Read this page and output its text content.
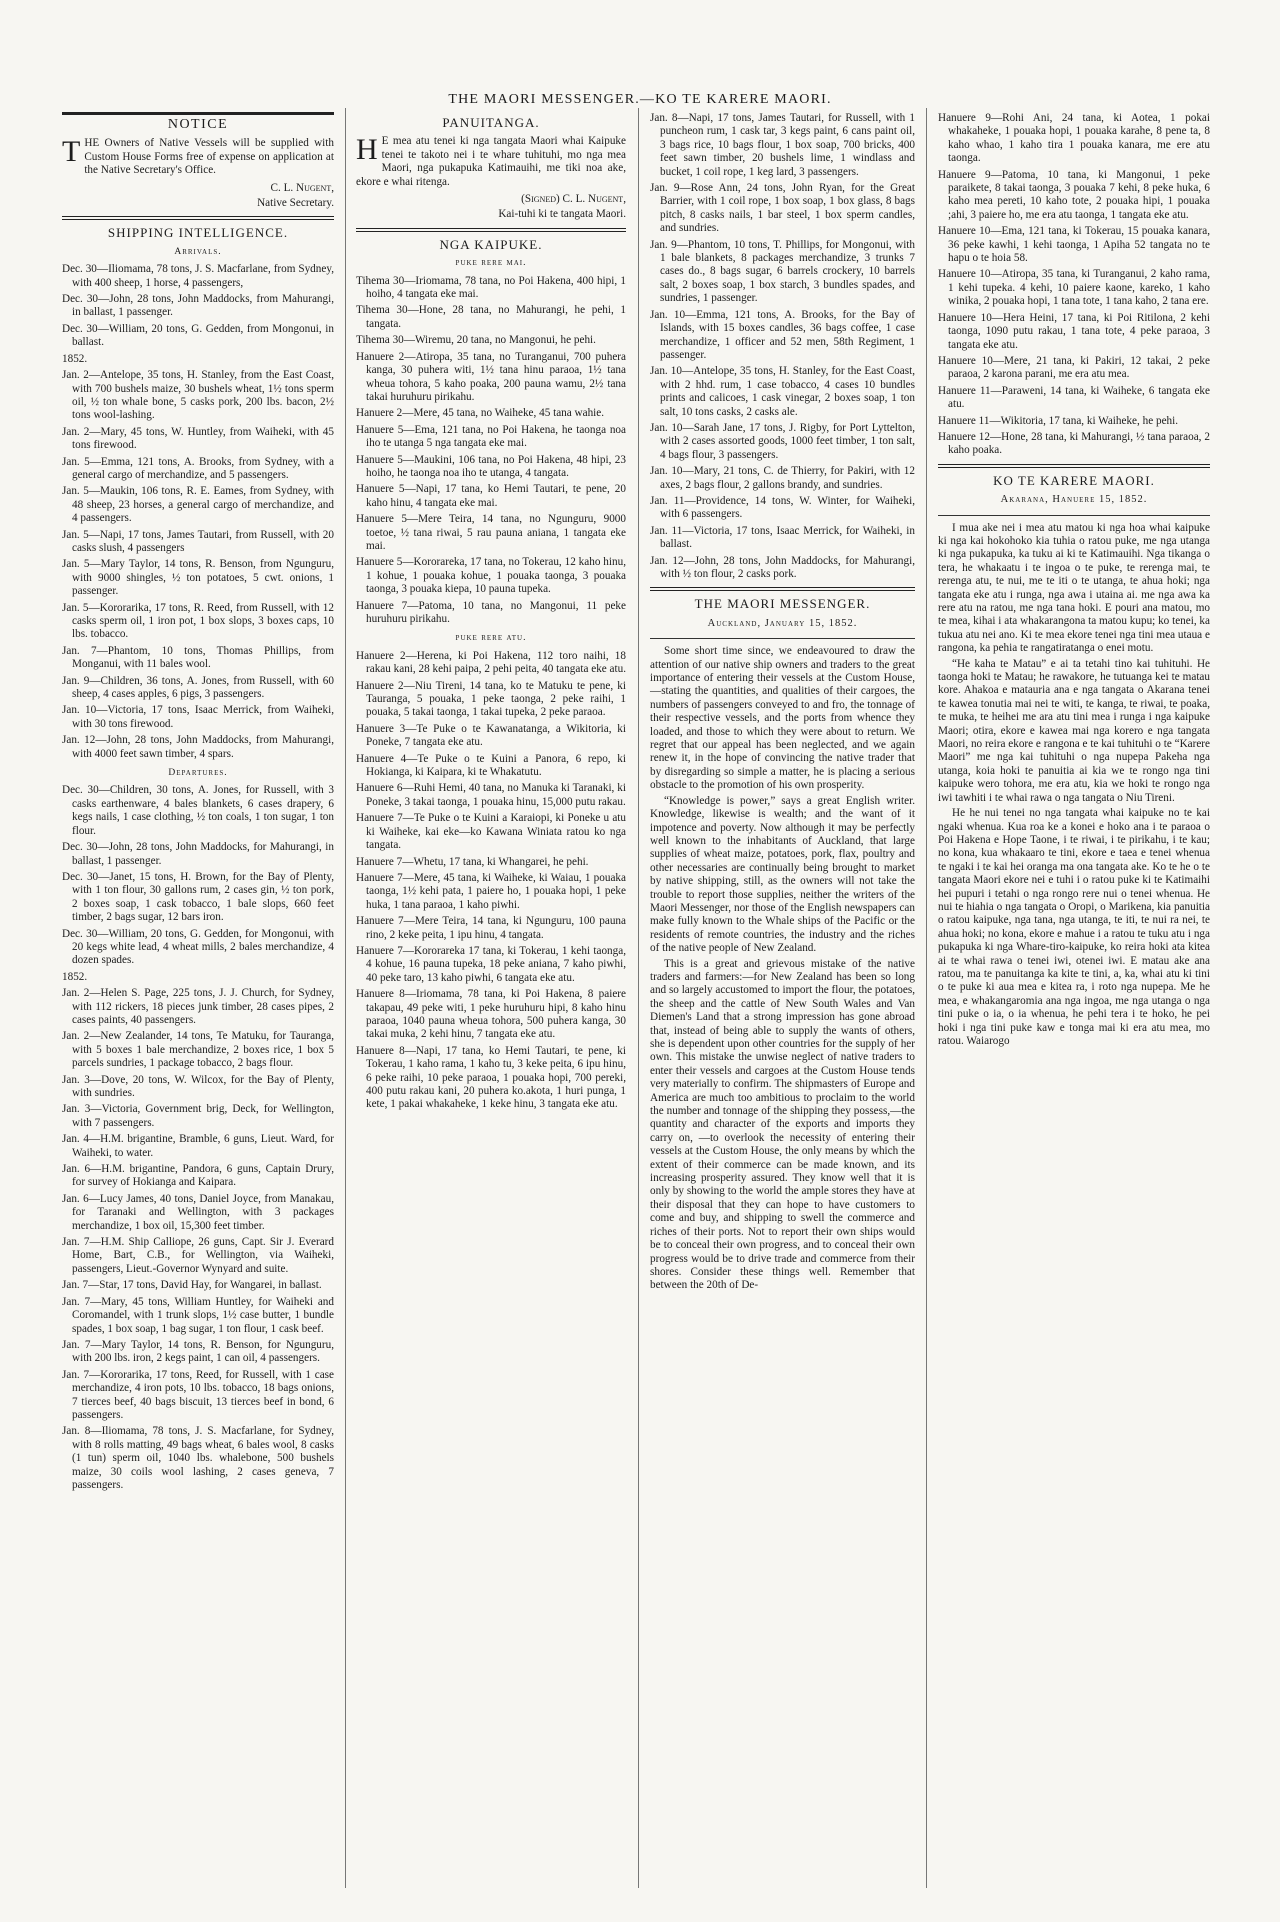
THE MAORI MESSENGER.—KO TE KARERE MAORI.
NOTICE
THE Owners of Native Vessels will be supplied with Custom House Forms free of expense on application at the Native Secretary's Office.
C. L. Nugent,
Native Secretary.
SHIPPING INTELLIGENCE.
Arrivals.
Dec. 30—Iliomama, 78 tons, J. S. Macfarlane, from Sydney, with 400 sheep, 1 horse, 4 passengers,
Dec. 30—John, 28 tons, John Maddocks, from Mahurangi, in ballast, 1 passenger.
Dec. 30—William, 20 tons, G. Gedden, from Mongonui, in ballast.
1852.
Jan. 2—Antelope, 35 tons, H. Stanley, from the East Coast, with 700 bushels maize, 30 bushels wheat, 1½ tons sperm oil, ½ ton whale bone, 5 casks pork, 200 lbs. bacon, 2½ tons wool-lashing.
Jan. 2—Mary, 45 tons, W. Huntley, from Waiheki, with 45 tons firewood.
Jan. 5—Emma, 121 tons, A. Brooks, from Sydney, with a general cargo of merchandize, and 5 passengers.
Jan. 5—Maukin, 106 tons, R. E. Eames, from Sydney, with 48 sheep, 23 horses, a general cargo of merchandize, and 4 passengers.
Jan. 5—Napi, 17 tons, James Tautari, from Russell, with 20 casks slush, 4 passengers
Jan. 5—Mary Taylor, 14 tons, R. Benson, from Ngunguru, with 9000 shingles, ½ ton potatoes, 5 cwt. onions, 1 passenger.
Jan. 5—Kororarika, 17 tons, R. Reed, from Russell, with 12 casks sperm oil, 1 iron pot, 1 box slops, 3 boxes caps, 10 lbs. tobacco.
Jan. 7—Phantom, 10 tons, Thomas Phillips, from Monganui, with 11 bales wool.
Jan. 9—Children, 36 tons, A. Jones, from Russell, with 60 sheep, 4 cases apples, 6 pigs, 3 passengers.
Jan. 10—Victoria, 17 tons, Isaac Merrick, from Waiheki, with 30 tons firewood.
Jan. 12—John, 28 tons, John Maddocks, from Mahurangi, with 4000 feet sawn timber, 4 spars.
Departures.
Dec. 30—Children, 30 tons, A. Jones, for Russell, with 3 casks earthenware, 4 bales blankets, 6 cases drapery, 6 kegs nails, 1 case clothing, ½ ton coals, 1 ton sugar, 1 ton flour.
Dec. 30—John, 28 tons, John Maddocks, for Mahurangi, in ballast, 1 passenger.
Dec. 30—Janet, 15 tons, H. Brown, for the Bay of Plenty, with 1 ton flour, 30 gallons rum, 2 cases gin, ½ ton pork, 2 boxes soap, 1 cask tobacco, 1 bale slops, 660 feet timber, 2 bags sugar, 12 bars iron.
Dec. 30—William, 20 tons, G. Gedden, for Mongonui, with 20 kegs white lead, 4 wheat mills, 2 bales merchandize, 4 dozen spades.
1852.
Jan. 2—Helen S. Page, 225 tons, J. J. Church, for Sydney, with 112 rickers, 18 pieces junk timber, 28 cases pipes, 2 cases paints, 40 passengers.
Jan. 2—New Zealander, 14 tons, Te Matuku, for Tauranga, with 5 boxes 1 bale merchandize, 2 boxes rice, 1 box 5 parcels sundries, 1 package tobacco, 2 bags flour.
Jan. 3—Dove, 20 tons, W. Wilcox, for the Bay of Plenty, with sundries.
Jan. 3—Victoria, Government brig, Deck, for Wellington, with 7 passengers.
Jan. 4—H.M. brigantine, Bramble, 6 guns, Lieut. Ward, for Waiheki, to water.
Jan. 6—H.M. brigantine, Pandora, 6 guns, Captain Drury, for survey of Hokianga and Kaipara.
Jan. 6—Lucy James, 40 tons, Daniel Joyce, from Manakau, for Taranaki and Wellington, with 3 packages merchandize, 1 box oil, 15,300 feet timber.
Jan. 7—H.M. Ship Calliope, 26 guns, Capt. Sir J. Everard Home, Bart, C.B., for Wellington, via Waiheki, passengers, Lieut.-Governor Wynyard and suite.
Jan. 7—Star, 17 tons, David Hay, for Wangarei, in ballast.
Jan. 7—Mary, 45 tons, William Huntley, for Waiheki and Coromandel, with 1 trunk slops, 1½ case butter, 1 bundle spades, 1 box soap, 1 bag sugar, 1 ton flour, 1 cask beef.
Jan. 7—Mary Taylor, 14 tons, R. Benson, for Ngunguru, with 200 lbs. iron, 2 kegs paint, 1 can oil, 4 passengers.
Jan. 7—Kororarika, 17 tons, Reed, for Russell, with 1 case merchandize, 4 iron pots, 10 lbs. tobacco, 18 bags onions, 7 tierces beef, 40 bags biscuit, 13 tierces beef in bond, 6 passengers.
Jan. 8—Iliomama, 78 tons, J. S. Macfarlane, for Sydney, with 8 rolls matting, 49 bags wheat, 6 bales wool, 8 casks (1 tun) sperm oil, 1040 lbs. whalebone, 500 bushels maize, 30 coils wool lashing, 2 cases geneva, 7 passengers.
PANUITANGA.
H E mea atu tenei ki nga tangata Maori whai Kaipuke tenei te takoto nei i te whare tuhituhi, mo nga mea Maori, nga pukapuka Katimauihi, me tiki noa ake, ekore e whai ritenga.
(Signed) C. L. Nugent,
Kai-tuhi ki te tangata Maori.
NGA KAIPUKE.
puke rere mai.
Tihema 30—Iriomama, 78 tana, no Poi Hakena, 400 hipi, 1 hoiho, 4 tangata eke mai.
Tihema 30—Hone, 28 tana, no Mahurangi, he pehi, 1 tangata.
Tihema 30—Wiremu, 20 tana, no Mangonui, he pehi.
Hanuere 2—Atiropa, 35 tana, no Turanganui, 700 puhera kanga, 30 puhera witi, 1½ tana hinu paraoa, 1½ tana wheua tohora, 5 kaho poaka, 200 pauna wamu, 2½ tana takai huruhuru pirikahu.
Hanuere 2—Mere, 45 tana, no Waiheke, 45 tana wahie.
Hanuere 5—Ema, 121 tana, no Poi Hakena, he taonga noa iho te utanga 5 nga tangata eke mai.
Hanuere 5—Maukini, 106 tana, no Poi Hakena, 48 hipi, 23 hoiho, he taonga noa iho te utanga, 4 tangata.
Hanuere 5—Napi, 17 tana, ko Hemi Tautari, te pene, 20 kaho hinu, 4 tangata eke mai.
Hanuere 5—Mere Teira, 14 tana, no Ngunguru, 9000 toetoe, ½ tana riwai, 5 rau pauna aniana, 1 tangata eke mai.
Hanuere 5—Kororareka, 17 tana, no Tokerau, 12 kaho hinu, 1 kohue, 1 pouaka kohue, 1 pouaka taonga, 3 pouaka taonga, 3 pouaka kiepa, 10 pauna tupeka.
Hanuere 7—Patoma, 10 tana, no Mangonui, 11 peke huruhuru pirikahu.
puke rere atu.
Hanuere 2—Herena, ki Poi Hakena, 112 toro naihi, 18 rakau kani, 28 kehi paipa, 2 pehi peita, 40 tangata eke atu.
Hanuere 2—Niu Tireni, 14 tana, ko te Matuku te pene, ki Tauranga, 5 pouaka, 1 peke taonga, 2 peke raihi, 1 pouaka, 5 takai taonga, 1 takai tupeka, 2 peke paraoa.
Hanuere 3—Te Puke o te Kawanatanga, a Wikitoria, ki Poneke, 7 tangata eke atu.
Hanuere 4—Te Puke o te Kuini a Panora, 6 repo, ki Hokianga, ki Kaipara, ki te Whakatutu.
Hanuere 6—Ruhi Hemi, 40 tana, no Manuka ki Taranaki, ki Poneke, 3 takai taonga, 1 pouaka hinu, 15,000 putu rakau.
Hanuere 7—Te Puke o te Kuini a Karaiopi, ki Poneke u atu ki Waiheke, kai eke—ko Kawana Winiata ratou ko nga tangata.
Hanuere 7—Whetu, 17 tana, ki Whangarei, he pehi.
Hanuere 7—Mere, 45 tana, ki Waiheke, ki Waiau, 1 pouaka taonga, 1½ kehi pata, 1 paiere ho, 1 pouaka hopi, 1 peke huka, 1 tana paraoa, 1 kaho piwhi.
Hanuere 7—Mere Teira, 14 tana, ki Ngunguru, 100 pauna rino, 2 keke peita, 1 ipu hinu, 4 tangata.
Hanuere 7—Kororareka 17 tana, ki Tokerau, 1 kehi taonga, 4 kohue, 16 pauna tupeka, 18 peke aniana, 7 kaho piwhi, 40 peke taro, 13 kaho piwhi, 6 tangata eke atu.
Hanuere 8—Iriomama, 78 tana, ki Poi Hakena, 8 paiere takapau, 49 peke witi, 1 peke huruhuru hipi, 8 kaho hinu paraoa, 1040 pauna wheua tohora, 500 puhera kanga, 30 takai muka, 2 kehi hinu, 7 tangata eke atu.
Hanuere 8—Napi, 17 tana, ko Hemi Tautari, te pene, ki Tokerau, 1 kaho rama, 1 kaho tu, 3 keke peita, 6 ipu hinu, 6 peke raihi, 10 peke paraoa, 1 pouaka hopi, 700 pereki, 400 putu rakau kani, 20 puhera ko.akota, 1 huri punga, 1 kete, 1 pakai whakaheke, 1 keke hinu, 3 tangata eke atu.
Jan. 8—Napi, 17 tons, James Tautari, for Russell, with 1 puncheon rum, 1 cask tar, 3 kegs paint, 6 cans paint oil, 3 bags rice, 10 bags flour, 1 box soap, 700 bricks, 400 feet sawn timber, 20 bushels lime, 1 windlass and bucket, 1 coil rope, 1 keg lard, 3 passengers.
Jan. 9—Rose Ann, 24 tons, John Ryan, for the Great Barrier, with 1 coil rope, 1 box soap, 1 box glass, 8 bags pitch, 8 casks nails, 1 bar steel, 1 box sperm candles, and sundries.
Jan. 9—Phantom, 10 tons, T. Phillips, for Mongonui, with 1 bale blankets, 8 packages merchandize, 3 trunks 7 cases do., 8 bags sugar, 6 barrels crockery, 10 barrels salt, 2 boxes soap, 1 box starch, 3 bundles spades, and sundries, 1 passenger.
Jan. 10—Emma, 121 tons, A. Brooks, for the Bay of Islands, with 15 boxes candles, 36 bags coffee, 1 case merchandize, 1 officer and 52 men, 58th Regiment, 1 passenger.
Jan. 10—Antelope, 35 tons, H. Stanley, for the East Coast, with 2 hhd. rum, 1 case tobacco, 4 cases 10 bundles prints and calicoes, 1 cask vinegar, 2 boxes soap, 1 ton salt, 10 tons casks, 2 casks ale.
Jan. 10—Sarah Jane, 17 tons, J. Rigby, for Port Lyttelton, with 2 cases assorted goods, 1000 feet timber, 1 ton salt, 4 bags flour, 3 passengers.
Jan. 10—Mary, 21 tons, C. de Thierry, for Pakiri, with 12 axes, 2 bags flour, 2 gallons brandy, and sundries.
Jan. 11—Providence, 14 tons, W. Winter, for Waiheki, with 6 passengers.
Jan. 11—Victoria, 17 tons, Isaac Merrick, for Waiheki, in ballast.
Jan. 12—John, 28 tons, John Maddocks, for Mahurangi, with ½ ton flour, 2 casks pork.
THE MAORI MESSENGER.
Auckland, January 15, 1852.
Some short time since, we endeavoured to draw the attention of our native ship owners and traders to the great importance of entering their vessels at the Custom House,—stating the quantities, and qualities of their cargoes, the numbers of passengers conveyed to and fro, the tonnage of their respective vessels, and the ports from whence they loaded, and those to which they were about to return. We regret that our appeal has been neglected, and we again renew it, in the hope of convincing the native trader that by disregarding so simple a matter, he is placing a serious obstacle to the promotion of his own prosperity.
“Knowledge is power,” says a great English writer. Knowledge, likewise is wealth; and the want of it impotence and poverty. Now although it may be perfectly well known to the inhabitants of Auckland, that large supplies of wheat maize, potatoes, pork, flax, poultry and other necessaries are continually being brought to market by native shipping, still, as the owners will not take the trouble to report those supplies, neither the writers of the Maori Messenger, nor those of the English newspapers can make fully known to the Whale ships of the Pacific or the residents of remote countries, the industry and the riches of the native people of New Zealand.
This is a great and grievous mistake of the native traders and farmers:—for New Zealand has been so long and so largely accustomed to import the flour, the potatoes, the sheep and the cattle of New South Wales and Van Diemen's Land that a strong impression has gone abroad that, instead of being able to supply the wants of others, she is dependent upon other countries for the supply of her own. This mistake the unwise neglect of native traders to enter their vessels and cargoes at the Custom House tends very materially to confirm. The shipmasters of Europe and America are much too ambitious to proclaim to the world the number and tonnage of the shipping they possess,—the quantity and character of the exports and imports they carry on, —to overlook the necessity of entering their vessels at the Custom House, the only means by which the extent of their commerce can be made known, and its increasing prosperity assured. They know well that it is only by showing to the world the ample stores they have at their disposal that they can hope to have customers to come and buy, and shipping to swell the commerce and riches of their ports. Not to report their own ships would be to conceal their own progress, and to conceal their own progress would be to drive trade and commerce from their shores. Consider these things well. Remember that between the 20th of De-
Hanuere 9—Rohi Ani, 24 tana, ki Aotea, 1 pokai whakaheke, 1 pouaka hopi, 1 pouaka karahe, 8 pene ta, 8 kaho whao, 1 kaho tira 1 pouaka kanara, me ere atu taonga.
Hanuere 9—Patoma, 10 tana, ki Mangonui, 1 peke paraikete, 8 takai taonga, 3 pouaka 7 kehi, 8 peke huka, 6 kaho mea pereti, 10 kaho tote, 2 pouaka hipi, 1 pouaka ;ahi, 3 paiere ho, me era atu taonga, 1 tangata eke atu.
Hanuere 10—Ema, 121 tana, ki Tokerau, 15 pouaka kanara, 36 peke kawhi, 1 kehi taonga, 1 Apiha 52 tangata no te hapu o te hoia 58.
Hanuere 10—Atiropa, 35 tana, ki Turanganui, 2 kaho rama, 1 kehi tupeka. 4 kehi, 10 paiere kaone, kareko, 1 kaho winika, 2 pouaka hopi, 1 tana tote, 1 tana kaho, 2 tana ere.
Hanuere 10—Hera Heini, 17 tana, ki Poi Ritilona, 2 kehi taonga, 1090 putu rakau, 1 tana tote, 4 peke paraoa, 3 tangata eke atu.
Hanuere 10—Mere, 21 tana, ki Pakiri, 12 takai, 2 peke paraoa, 2 karona parani, me era atu mea.
Hanuere 11—Paraweni, 14 tana, ki Waiheke, 6 tangata eke atu.
Hanuere 11—Wikitoria, 17 tana, ki Waiheke, he pehi.
Hanuere 12—Hone, 28 tana, ki Mahurangi, ½ tana paraoa, 2 kaho poaka.
KO TE KARERE MAORI.
Akarana, Hanuere 15, 1852.
I mua ake nei i mea atu matou ki nga hoa whai kaipuke ki nga kai hokohoko kia tuhia o ratou puke, me nga utanga ki nga pukapuka, ka tuku ai ki te Katimauihi. Nga tikanga o tera, he whakaatu i te ingoa o te puke, te rerenga mai, te rerenga atu, te nui, me te iti o te utanga, te ahua hoki; nga tangata eke atu i runga, nga awa i utaina ai. me nga awa ka rere atu na ratou, me nga tana hoki. E pouri ana matou, mo te mea, kihai i ata whakarangona ta matou kupu; ko tenei, ka tukua atu nei ano. Ki te mea ekore tenei nga tini mea utaua e rangona, ka pehia te rangatiratanga o enei motu.
“He kaha te Matau” e ai ta tetahi tino kai tuhituhi. He taonga hoki te Matau; he rawakore, he tutuanga kei te matau kore. Ahakoa e matauria ana e nga tangata o Akarana tenei te kawea tonutia mai nei te witi, te kanga, te riwai, te poaka, te muka, te heihei me ara atu tini mea i runga i nga kaipuke Maori; otira, ekore e kawea mai nga korero e nga tangata Maori, no reira ekore e rangona e te kai tuhituhi o te “Karere Maori” me nga kai tuhituhi o nga nupepa Pakeha nga utanga, koia hoki te panuitia ai kia we te rongo nga tini kaipuke wero tohora, me era atu, kia we hoki te rongo nga iwi tawhiti i te whai rawa o nga tangata o Niu Tireni.
He he nui tenei no nga tangata whai kaipuke no te kai ngaki whenua. Kua roa ke a konei e hoko ana i te paraoa o Poi Hakena e Hope Taone, i te riwai, i te pirikahu, i te kau; no kona, kua whakaaro te tini, ekore e taea e tenei whenua te ngaki i te kai hei oranga ma ona tangata ake. Ko te he o te tangata Maori ekore nei e tuhi i o ratou puke ki te Katimaihi hei pupuri i tetahi o nga rongo rere nui o tenei whenua. He nui te hiahia o nga tangata o Oropi, o Marikena, kia panuitia o ratou kaipuke, nga tana, nga utanga, te iti, te nui ra nei, te ahua hoki; no kona, ekore e mahue i a ratou te tuku atu i nga pukapuka ki nga Whare-tiro-kaipuke, ko reira hoki ata kitea ai te whai rawa o tenei iwi, otenei iwi. E matau ake ana ratou, ma te panuitanga ka kite te tini, a, ka, whai atu ki tini o te puke ki aua mea e kitea ra, i roto nga nupepa. Me he mea, e whakangaromia ana nga ingoa, me nga utanga o nga tini puke o ia, o ia whenua, he pehi tera i te hoko, he pei hoki i nga tini puke kaw e tonga mai ki era atu mea, mo ratou. Waiarogo
